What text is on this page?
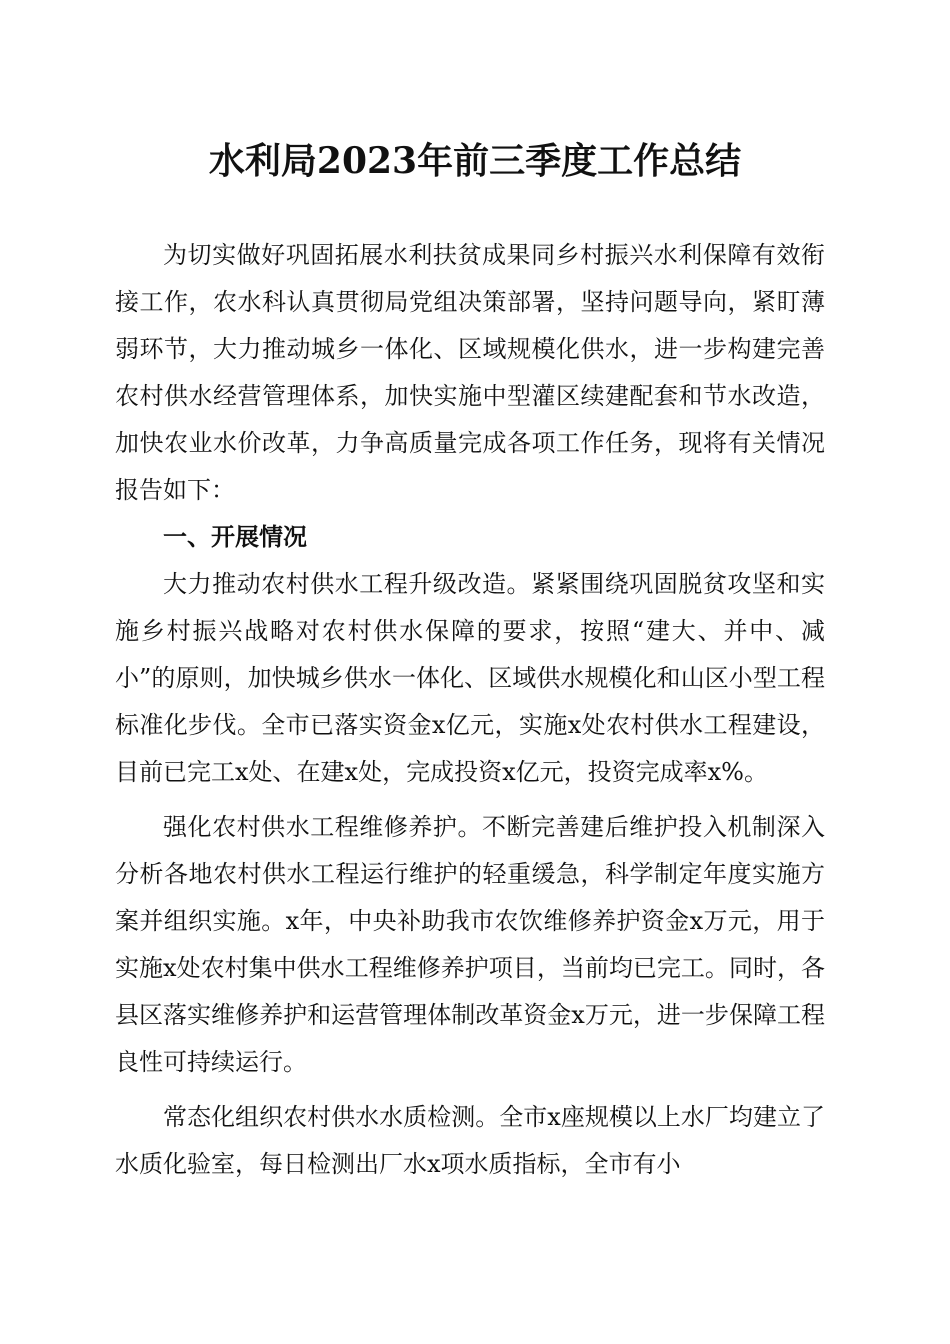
水利局2023年前三季度工作总结

为切实做好巩固拓展水利扶贫成果同乡村振兴水利保障有效衔接工作，农水科认真贯彻局党组决策部署，坚持问题导向，紧盯薄弱环节，大力推动城乡一体化、区域规模化供水，进一步构建完善农村供水经营管理体系，加快实施中型灌区续建配套和节水改造，加快农业水价改革，力争高质量完成各项工作任务，现将有关情况报告如下：

一、开展情况

大力推动农村供水工程升级改造。紧紧围绕巩固脱贫攻坚和实施乡村振兴战略对农村供水保障的要求，按照“建大、并中、减小”的原则，加快城乡供水一体化、区域供水规模化和山区小型工程标准化步伐。全市已落实资金x亿元，实施x处农村供水工程建设，目前已完工x处、在建x处，完成投资x亿元，投资完成率x%。

强化农村供水工程维修养护。不断完善建后维护投入机制深入分析各地农村供水工程运行维护的轻重缓急，科学制定年度实施方案并组织实施。x年，中央补助我市农饮维修养护资金x万元，用于实施x处农村集中供水工程维修养护项目，当前均已完工。同时，各县区落实维修养护和运营管理体制改革资金x万元，进一步保障工程良性可持续运行。

常态化组织农村供水水质检测。全市x座规模以上水厂均建立了水质化验室，每日检测出厂水x项水质指标，全市有小
